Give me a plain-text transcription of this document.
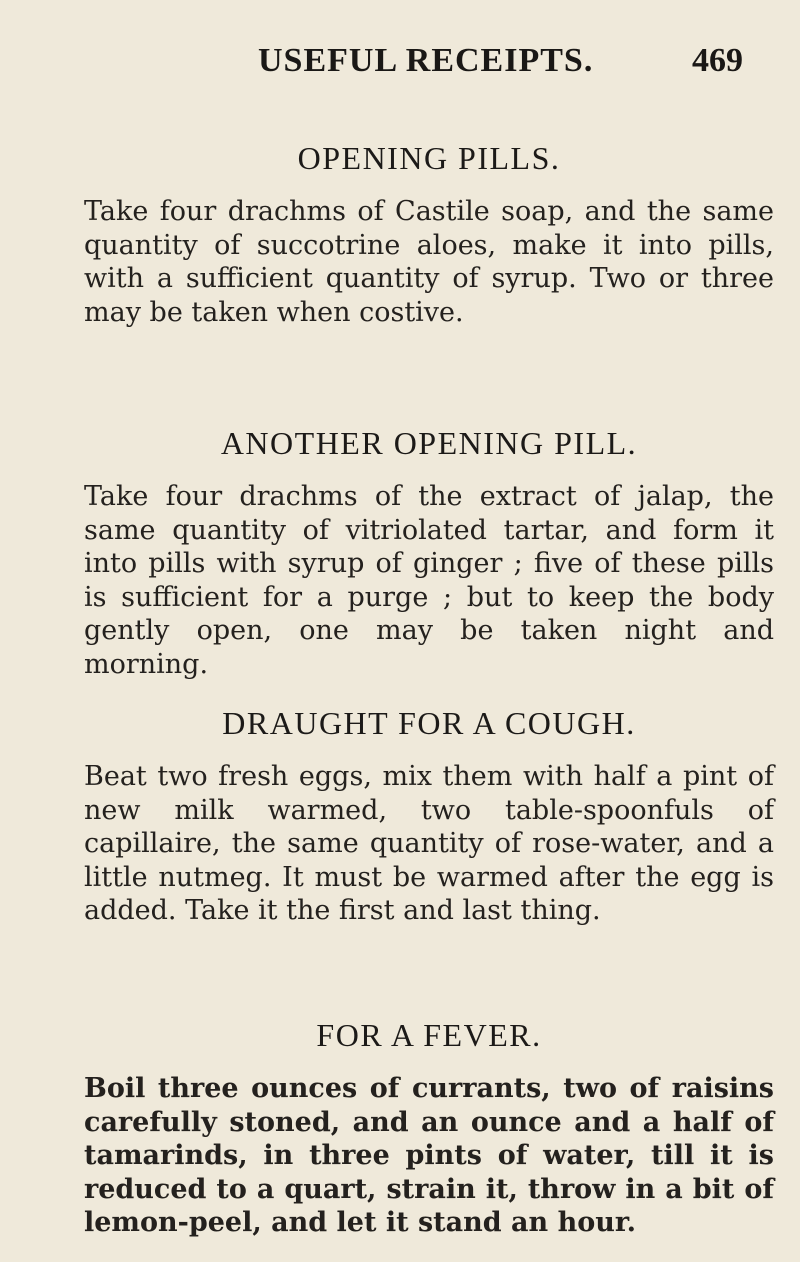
USEFUL RECEIPTS.	469
OPENING PILLS.

Take four drachms of Castile soap, and the same quantity of succotrine aloes, make it into pills, with a sufficient quantity of syrup. Two or three may be taken when costive.

ANOTHER OPENING PILL.

Take four drachms of the extract of jalap, the same quantity of vitriolated tartar, and form it into pills with syrup of ginger ; five of these pills is sufficient for a purge ; but to keep the body gently open, one may be taken night and morning.

DRAUGHT FOR A COUGH.

Beat two fresh eggs, mix them with half a pint of new milk warmed, two table-spoonfuls of capillaire, the same quantity of rose-water, and a little nutmeg. It must be warmed after the egg is added. Take it the first and last thing.

FOR A FEVER.

Boil three ounces of currants, two of raisins carefully stoned, and an ounce and a half of tamarinds, in three pints of water, till it is reduced to a quart, strain it, throw in a bit of lemon-peel, and let it stand an hour.
